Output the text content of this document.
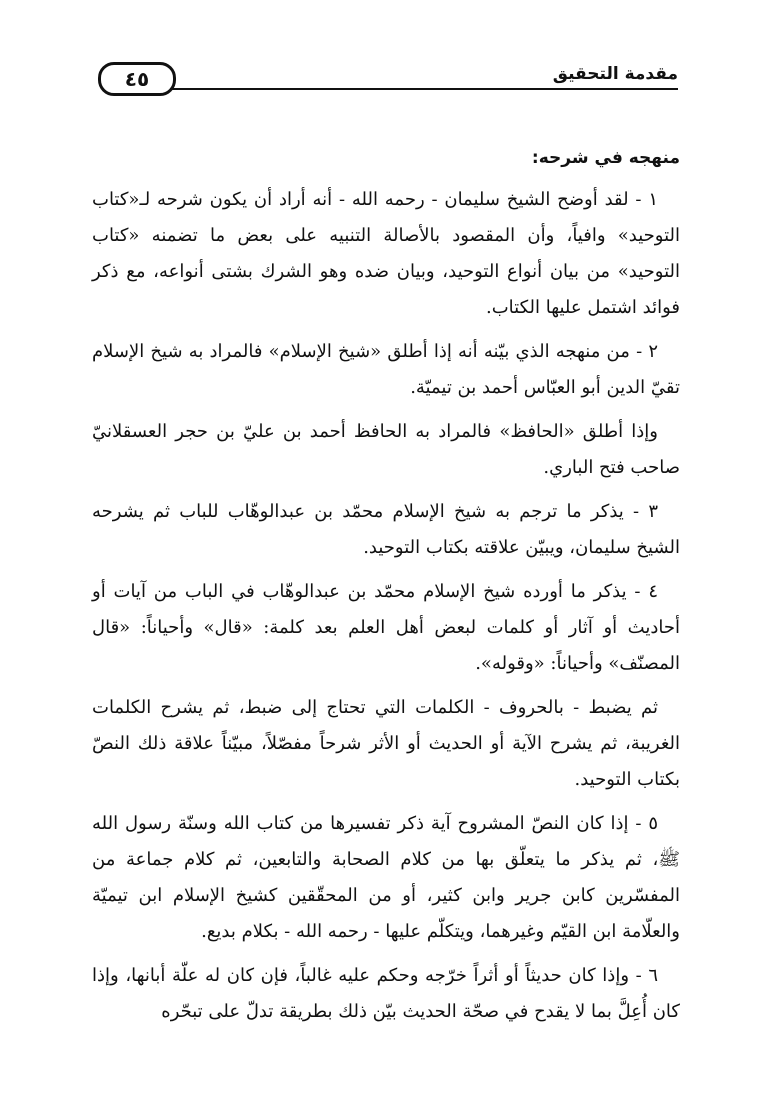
٤٥	مقدمة التحقيق
منهجه في شرحه:

١ - لقد أوضح الشيخ سليمان - رحمه الله - أنه أراد أن يكون شرحه لـ«كتاب التوحيد» وافياً، وأن المقصود بالأصالة التنبيه على بعض ما تضمنه «كتاب التوحيد» من بيان أنواع التوحيد، وبيان ضده وهو الشرك بشتى أنواعه، مع ذكر فوائد اشتمل عليها الكتاب.

٢ - من منهجه الذي بيّنه أنه إذا أطلق «شيخ الإسلام» فالمراد به شيخ الإسلام تقيّ الدين أبو العبّاس أحمد بن تيميّة.

وإذا أطلق «الحافظ» فالمراد به الحافظ أحمد بن عليّ بن حجر العسقلانيّ صاحب فتح الباري.

٣ - يذكر ما ترجم به شيخ الإسلام محمّد بن عبدالوهّاب للباب ثم يشرحه الشيخ سليمان، ويبيّن علاقته بكتاب التوحيد.

٤ - يذكر ما أورده شيخ الإسلام محمّد بن عبدالوهّاب في الباب من آيات أو أحاديث أو آثار أو كلمات لبعض أهل العلم بعد كلمة: «قال» وأحياناً: «قال المصنّف» وأحياناً: «وقوله».

ثم يضبط - بالحروف - الكلمات التي تحتاج إلى ضبط، ثم يشرح الكلمات الغريبة، ثم يشرح الآية أو الحديث أو الأثر شرحاً مفصّلاً، مبيّناً علاقة ذلك النصّ بكتاب التوحيد.

٥ - إذا كان النصّ المشروح آية ذكر تفسيرها من كتاب الله وسنّة رسول الله ﷺ، ثم يذكر ما يتعلّق بها من كلام الصحابة والتابعين، ثم كلام جماعة من المفسّرين كابن جرير وابن كثير، أو من المحقّقين كشيخ الإسلام ابن تيميّة والعلّامة ابن القيّم وغيرهما، ويتكلّم عليها - رحمه الله - بكلام بديع.

٦ - وإذا كان حديثاً أو أثراً خرّجه وحكم عليه غالباً، فإن كان له علّة أبانها، وإذا كان أُعِلَّ بما لا يقدح في صحّة الحديث بيّن ذلك بطريقة تدلّ على تبحّره
